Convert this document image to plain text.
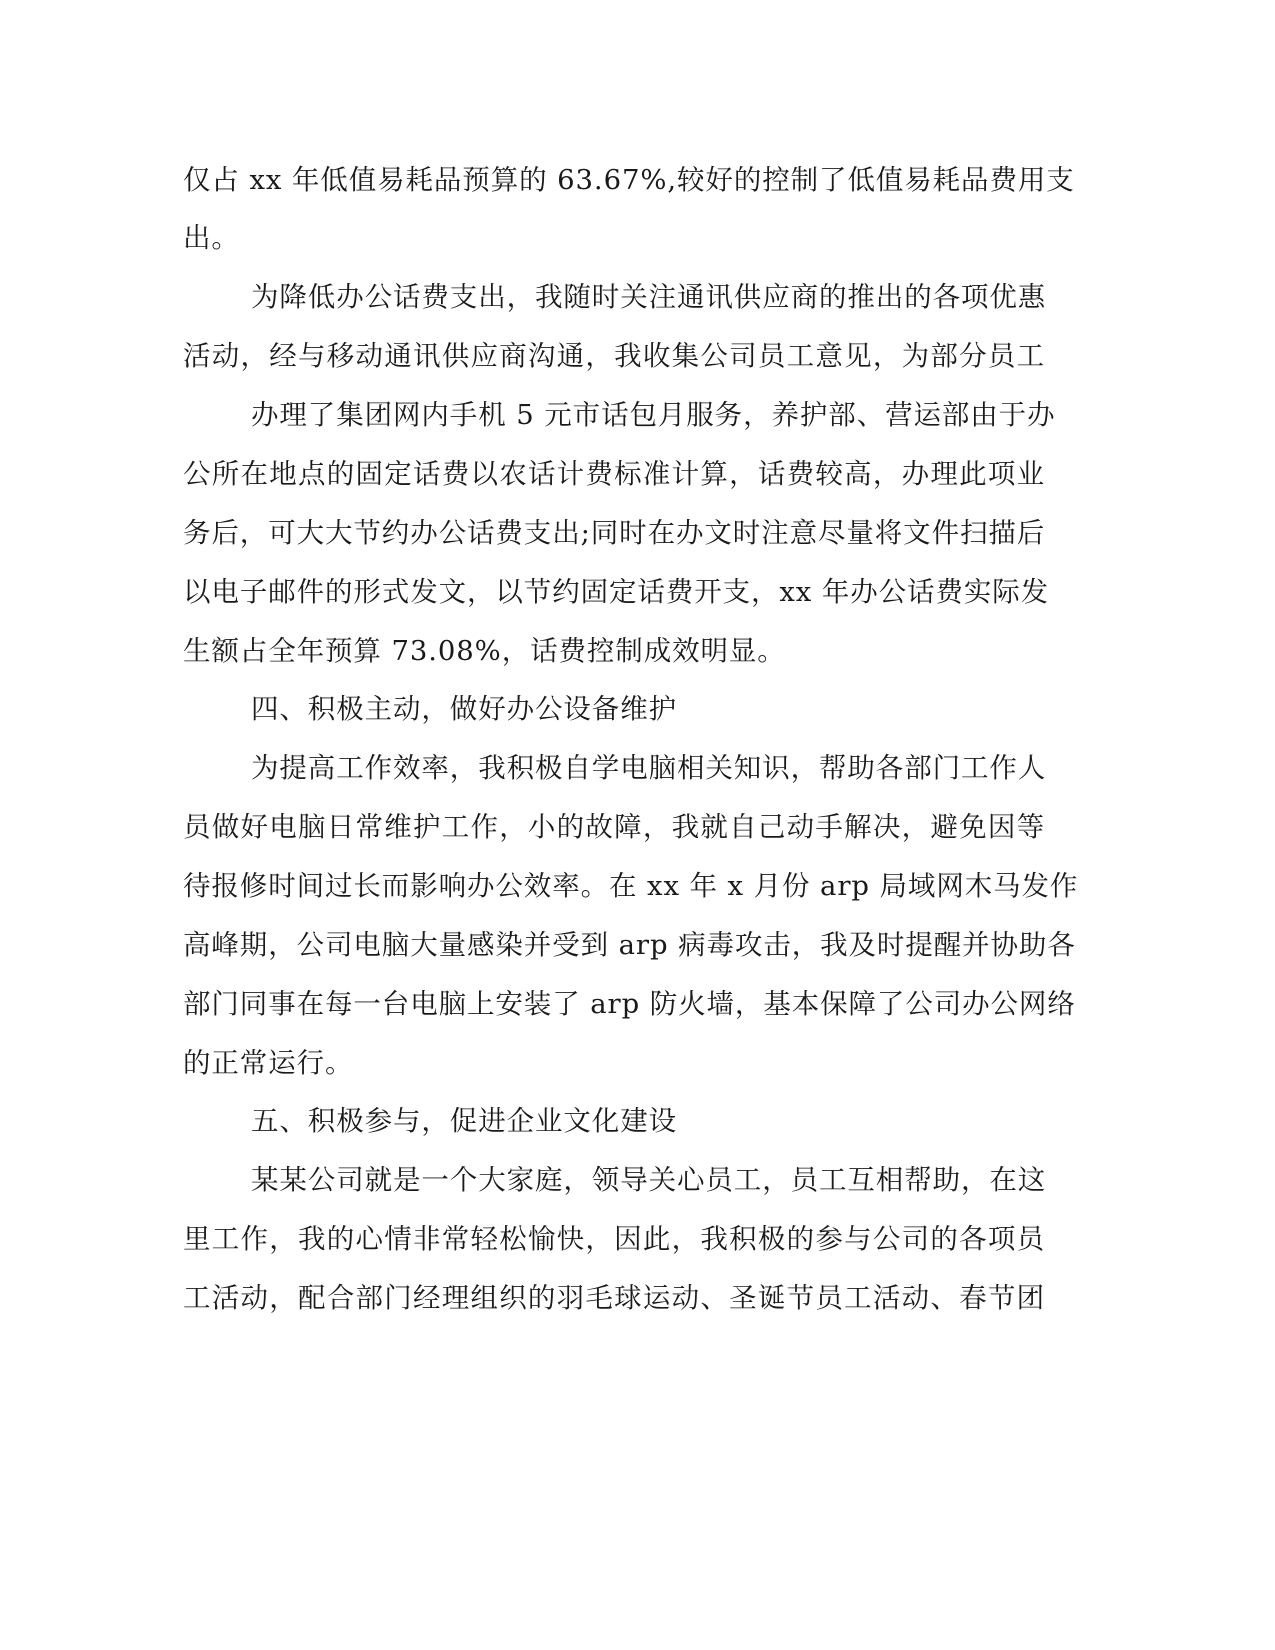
仅占 xx 年低值易耗品预算的 63.67%,较好的控制了低值易耗品费用支

出。

为降低办公话费支出，我随时关注通讯供应商的推出的各项优惠

活动，经与移动通讯供应商沟通，我收集公司员工意见，为部分员工

办理了集团网内手机 5 元市话包月服务，养护部、营运部由于办

公所在地点的固定话费以农话计费标准计算，话费较高，办理此项业

务后，可大大节约办公话费支出;同时在办文时注意尽量将文件扫描后

以电子邮件的形式发文，以节约固定话费开支，xx 年办公话费实际发

生额占全年预算 73.08%，话费控制成效明显。

四、积极主动，做好办公设备维护

为提高工作效率，我积极自学电脑相关知识，帮助各部门工作人

员做好电脑日常维护工作，小的故障，我就自己动手解决，避免因等

待报修时间过长而影响办公效率。在 xx 年 x 月份 arp 局域网木马发作

高峰期，公司电脑大量感染并受到 arp 病毒攻击，我及时提醒并协助各

部门同事在每一台电脑上安装了 arp 防火墙，基本保障了公司办公网络

的正常运行。

五、积极参与，促进企业文化建设

某某公司就是一个大家庭，领导关心员工，员工互相帮助，在这

里工作，我的心情非常轻松愉快，因此，我积极的参与公司的各项员

工活动，配合部门经理组织的羽毛球运动、圣诞节员工活动、春节团
